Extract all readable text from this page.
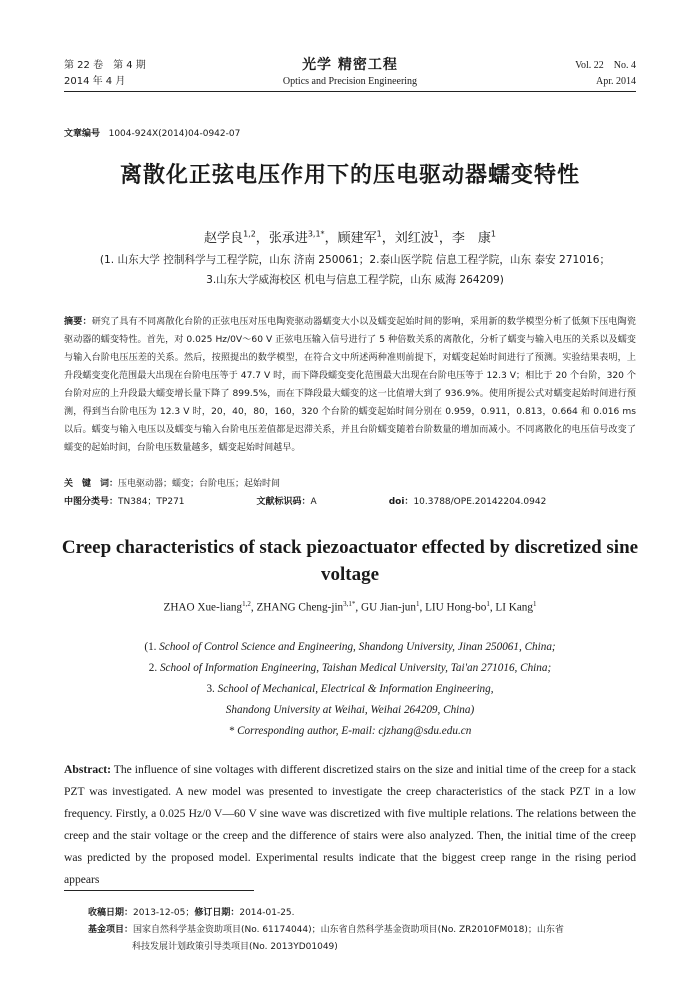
第 22 卷　第 4 期
2014 年 4 月
光学 精密工程
Optics and Precision Engineering
Vol. 22　No. 4
Apr. 2014
文章编号 1004-924X(2014)04-0942-07
离散化正弦电压作用下的压电驱动器蠕变特性
赵学良$^{1,2}$，张承进$^{3,1*}$，顾建军$^1$，刘红波$^1$，李　康$^1$
(1. 山东大学 控制科学与工程学院，山东 济南 250061；2.泰山医学院 信息工程学院，山东 泰安 271016；
3.山东大学威海校区 机电与信息工程学院，山东 威海 264209)
摘要：研究了具有不同离散化台阶的正弦电压对压电陶瓷驱动器蠕变大小以及蠕变起始时间的影响，采用新的数学模型分析了低频下压电陶瓷驱动器的蠕变特性。首先，对 0.025 Hz/0V～60 V 正弦电压输入信号进行了 5 种倍数关系的离散化，分析了蠕变与输入电压的关系以及蠕变与输入台阶电压压差的关系。然后，按照提出的数学模型，在符合文中所述两种准则前提下，对蠕变起始时间进行了预测。实验结果表明，上升段蠕变变化范围最大出现在台阶电压等于 47.7 V 时，而下降段蠕变变化范围最大出现在台阶电压等于 12.3 V；相比于 20 个台阶，320 个台阶对应的上升段最大蠕变增长量下降了 899.5%，而在下降段最大蠕变的这一比值增大到了 936.9%。使用所提公式对蠕变起始时间进行预测，得到当台阶电压为 12.3 V 时，20，40，80，160，320 个台阶的蠕变起始时间分别在 0.959，0.911，0.813，0.664 和 0.016 ms 以后。蠕变与输入电压以及蠕变与输入台阶电压差值都是迟滞关系，并且台阶蠕变随着台阶数量的增加而减小。不同离散化的电压信号改变了蠕变的起始时间，台阶电压数量越多，蠕变起始时间越早。
关　键　词：压电驱动器；蠕变；台阶电压；起始时间
中图分类号：TN384；TP271	文献标识码：A	doi：10.3788/OPE.20142204.0942
Creep characteristics of stack piezoactuator effected by discretized sine voltage
ZHAO Xue-liang$^{1,2}$, ZHANG Cheng-jin$^{3,1*}$, GU Jian-jun$^1$, LIU Hong-$bo^1$, LI Kang$^1$
(1. School of Control Science and Engineering, Shandong University, Jinan 250061, China;
2. School of Information Engineering, Taishan Medical University, Tai'an 271016, China;
3. School of Mechanical, Electrical & Information Engineering,
Shandong University at Weihai, Weihai 264209, China)
* Corresponding author, E-mail: cjzhang@sdu.edu.cn
Abstract: The influence of sine voltages with different discretized stairs on the size and initial time of the creep for a stack PZT was investigated. A new model was presented to investigate the creep characteristics of the stack PZT in a low frequency. Firstly, a 0.025 Hz/0 V—60 V sine wave was discretized with five multiple relations. The relations between the creep and the stair voltage or the creep and the difference of stairs were also analyzed. Then, the initial time of the creep was predicted by the proposed model. Experimental results indicate that the biggest creep range in the rising period appears
收稿日期：2013-12-05；修订日期：2014-01-25.
基金项目：国家自然科学基金资助项目(No. 61174044)；山东省自然科学基金资助项目(No. ZR2010FM018)；山东省
科技发展计划政策引导类项目(No. 2013YD01049)
